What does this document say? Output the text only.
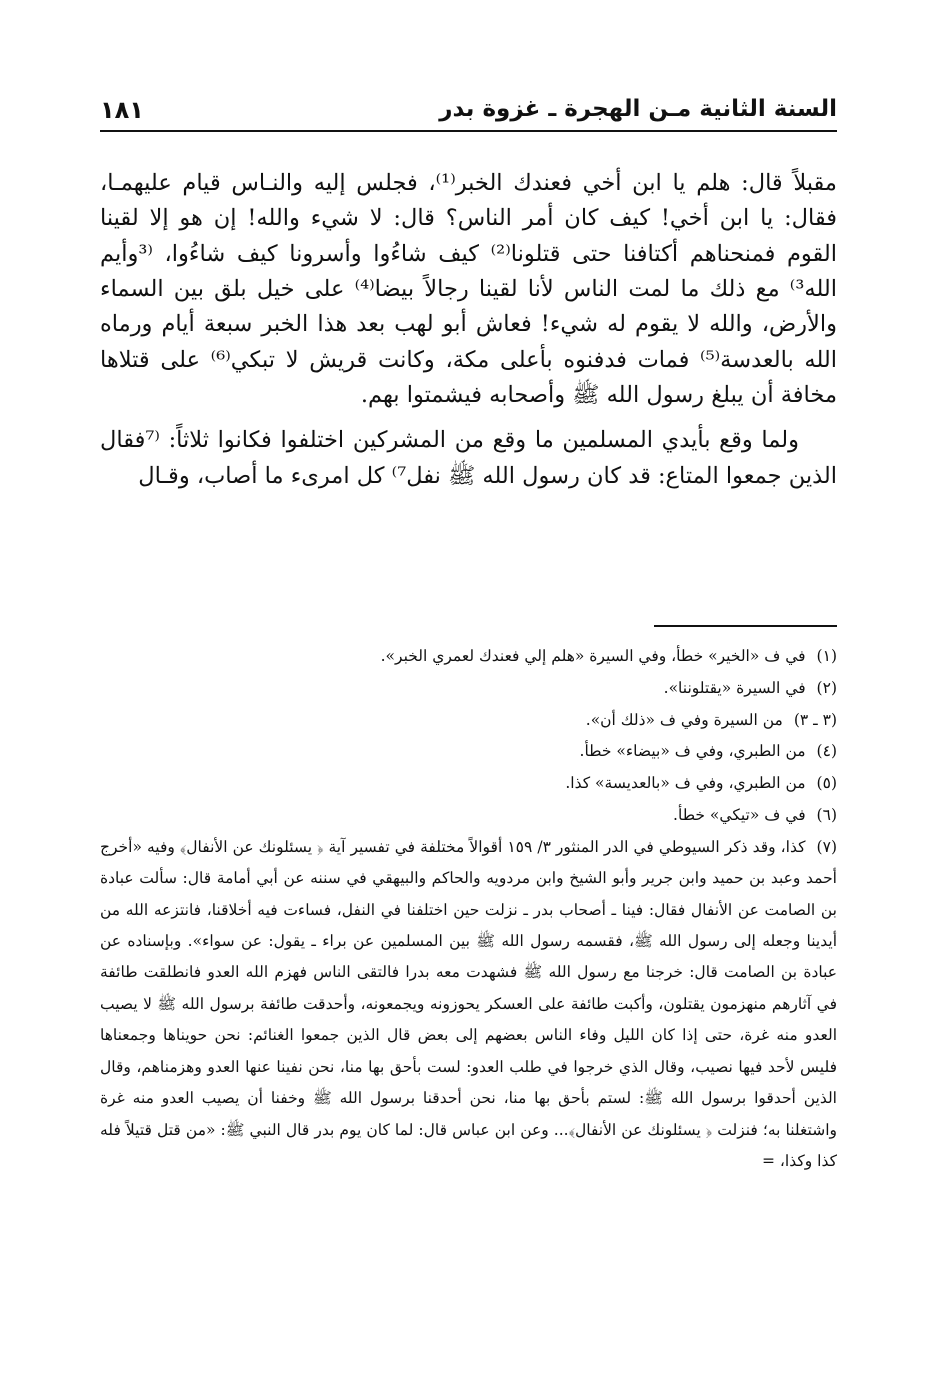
السنة الثانية مـن الهجرة ـ غزوة بدر
١٨١

مقبلاً قال: هلم يا ابن أخي فعندك الخبر⁽¹⁾، فجلس إليه والنـاس قيام عليهمـا، فقال: يا ابن أخي! كيف كان أمر الناس؟ قال: لا شيء والله! إن هو إلا لقينا القوم فمنحناهم أكتافنا حتى قتلونا⁽²⁾ كيف شاءُوا وأسرونا كيف شاءُوا، ⁽³وأيم الله³⁾ مع ذلك ما لمت الناس لأنا لقينا رجالاً بيضا⁽⁴⁾ على خيل بلق بين السماء والأرض، والله لا يقوم له شيء! فعاش أبو لهب بعد هذا الخبر سبعة أيام ورماه الله بالعدسة⁽⁵⁾ فمات فدفنوه بأعلى مكة، وكانت قريش لا تبكي⁽⁶⁾ على قتلاها مخافة أن يبلغ رسول الله ﷺ وأصحابه فيشمتوا بهم.

ولما وقع بأيدي المسلمين ما وقع من المشركين اختلفوا فكانوا ثلاثاً: ⁽⁷فقال الذين جمعوا المتاع: قد كان رسول الله ﷺ نفل⁷⁾ كل امرىء ما أصاب، وقـال

(١) في ف «الخير» خطأ، وفي السيرة «هلم إلي فعندك لعمري الخبر».

(٢) في السيرة «يقتلوننا».

(٣ ـ ٣) من السيرة وفي ف «ذلك أن».

(٤) من الطبري، وفي ف «بيضاء» خطأ.

(٥) من الطبري، وفي ف «بالعديسة» كذا.

(٦) في ف «تيكي» خطأ.

(٧) كذا، وقد ذكر السيوطي في الدر المنثور ٣/ ١٥٩ أقوالاً مختلفة في تفسير آية ﴿ يسئلونك عن الأنفال﴾ وفيه «أخرج أحمد وعبد بن حميد وابن جرير وأبو الشيخ وابن مردويه والحاكم والبيهقي في سننه عن أبي أمامة قال: سألت عبادة بن الصامت عن الأنفال فقال: فينا ـ أصحاب بدر ـ نزلت حين اختلفنا في النفل، فساءت فيه أخلاقنا، فانتزعه الله من أيدينا وجعله إلى رسول الله ﷺ، فقسمه رسول الله ﷺ بين المسلمين عن براء ـ يقول: عن سواء». وبإسناده عن عبادة بن الصامت قال: خرجنا مع رسول الله ﷺ فشهدت معه بدرا فالتقى الناس فهزم الله العدو فانطلقت طائفة في آثارهم منهزمون يقتلون، وأكبت طائفة على العسكر يحوزونه ويجمعونه، وأحدقت طائفة برسول الله ﷺ لا يصيب العدو منه غرة، حتى إذا كان الليل وفاء الناس بعضهم إلى بعض قال الذين جمعوا الغنائم: نحن حويناها وجمعناها فليس لأحد فيها نصيب، وقال الذي خرجوا في طلب العدو: لست بأحق بها منا، نحن نفينا عنها العدو وهزمناهم، وقال الذين أحدقوا برسول الله ﷺ: لستم بأحق بها منا، نحن أحدقنا برسول الله ﷺ وخفنا أن يصيب العدو منه غرة واشتغلنا به؛ فنزلت ﴿ يسئلونك عن الأنفال﴾... وعن ابن عباس قال: لما كان يوم بدر قال النبي ﷺ: «من قتل قتيلاً فله كذا وكذا، =
